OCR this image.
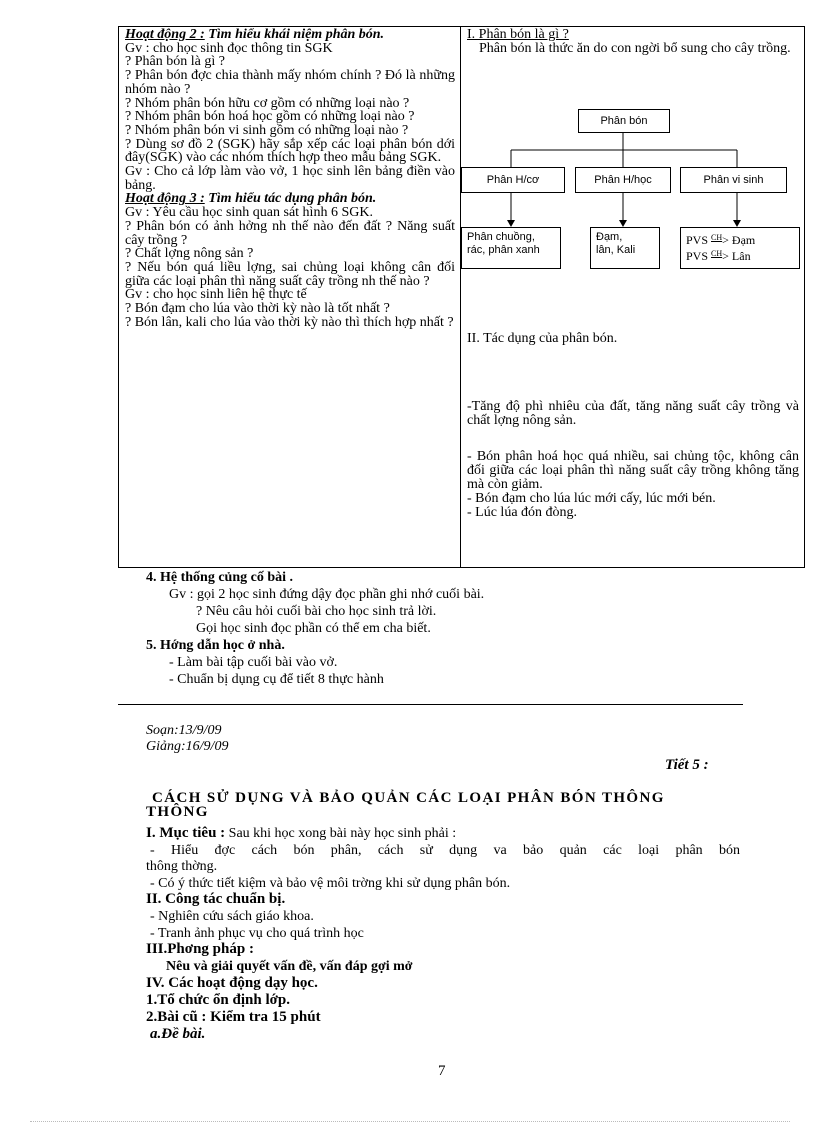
Hoạt động 2 : Tìm hiểu khái niệm phân bón.

Gv : cho học sinh đọc thông tin SGK

? Phân bón là gì ?

? Phân bón đợc chia thành mấy nhóm chính ? Đó là những nhóm nào ?

? Nhóm phân bón hữu cơ gồm có những loại nào ?

? Nhóm phân bón hoá học gồm có những loại nào ?

? Nhóm phân bón vi sinh gồm có những loại nào ?

? Dùng sơ đồ 2 (SGK) hãy sắp xếp các loại phân bón dới đây(SGK) vào các nhóm thích hợp theo mẫu bảng SGK.

Gv : Cho cả lớp làm vào vở, 1 học sinh lên bảng điền vào bảng.

Hoạt động 3 : Tìm hiểu tác dụng phân bón.

Gv : Yêu cầu học sinh quan sát hình 6 SGK.

? Phân bón có ảnh hởng nh thế nào đến đất ? Năng suất cây trồng ?

? Chất lợng nông sản ?

? Nếu bón quá liều lợng, sai chủng loại không cân đối giữa các loại phân thì năng suất cây trồng nh thế nào ?

Gv : cho học sinh liên hệ thực tế

? Bón đạm cho lúa vào thời kỳ nào là tốt nhất ?

? Bón lân, kali cho lúa vào thời kỳ nào thì thích hợp nhất ?

I. Phân bón là gì ?

Phân bón là thức ăn do con ngời bổ sung cho cây trồng.

Phân bón
Phân H/cơ	Phân H/học	Phân vi sinh
Phân chuồng,
rác, phân xanh
Đạm,
lân, Kali
PVS $^{CH}$> Đạm
PVS $^{CH}$> Lân

II. Tác dụng của phân bón.

-Tăng độ phì nhiêu của đất, tăng năng suất cây trồng và chất lợng nông sản.

- Bón phân hoá học quá nhiều, sai chủng tộc, không cân đối giữa các loại phân thì năng suất cây trồng không tăng mà còn giảm.

- Bón đạm cho lúa lúc mới cấy, lúc mới bén.

- Lúc lúa đón đòng.

4. Hệ thống củng cố bài .
Gv : gọi 2 học sinh đứng dậy đọc phần ghi nhớ cuối bài.
? Nêu câu hỏi cuối bài cho học sinh trả lời.
Gọi học sinh đọc phần có thể em cha biết.
5. Hớng dẫn học ở nhà.
- Làm bài tập cuối bài vào vở.
- Chuẩn bị dụng cụ để tiết 8 thực hành
Soạn:13/9/09
Giảng:16/9/09
Tiết 5 :
CÁCH SỬ DỤNG VÀ BẢO QUẢN CÁC LOẠI PHÂN BÓN THÔNG
THÔNG
I. Mục tiêu : Sau khi học xong bài này học sinh phải :
- Hiểu đợc cách bón phân, cách sử dụng va bảo quản các loại phân bón
thông thờng.
- Có ý thức tiết kiệm và bảo vệ môi trờng khi sử dụng phân bón.
II. Công tác chuẩn bị.
- Nghiên cứu sách giáo khoa.
- Tranh ảnh phục vụ cho quá trình học
III.Phơng pháp :
Nêu và giải quyết vấn đề, vấn đáp gợi mở
IV. Các hoạt động dạy học.
1.Tổ chức ổn định lớp.
2.Bài cũ : Kiểm tra 15 phút
a.Đề bài.
7
